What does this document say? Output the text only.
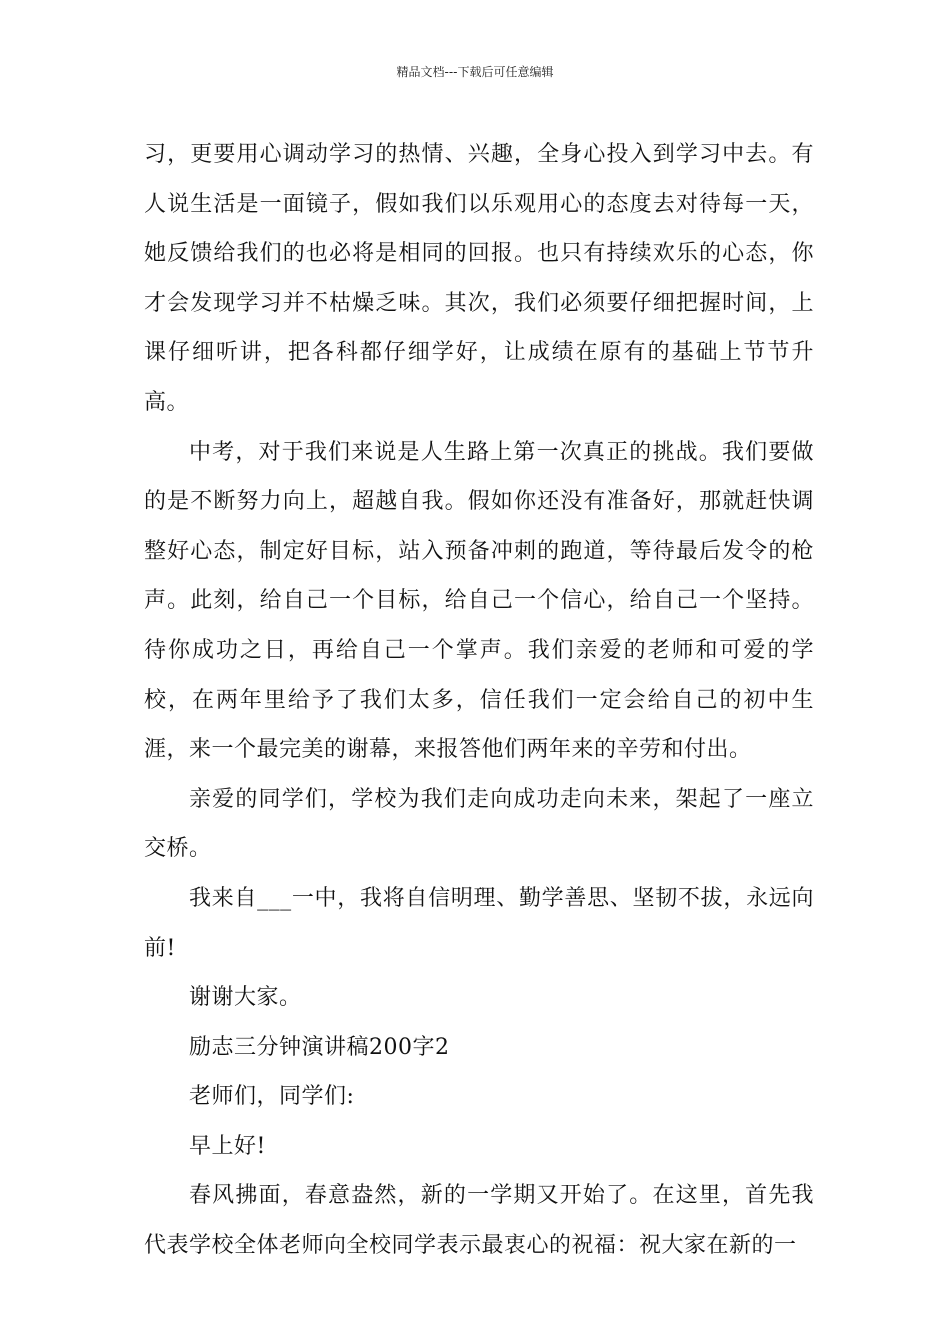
精品文档---下载后可任意编辑

习，更要用心调动学习的热情、兴趣，全身心投入到学习中去。有人说生活是一面镜子，假如我们以乐观用心的态度去对待每一天，她反馈给我们的也必将是相同的回报。也只有持续欢乐的心态，你才会发现学习并不枯燥乏味。其次，我们必须要仔细把握时间，上课仔细听讲，把各科都仔细学好，让成绩在原有的基础上节节升高。

中考，对于我们来说是人生路上第一次真正的挑战。我们要做的是不断努力向上，超越自我。假如你还没有准备好，那就赶快调整好心态，制定好目标，站入预备冲刺的跑道，等待最后发令的枪声。此刻，给自己一个目标，给自己一个信心，给自己一个坚持。待你成功之日，再给自己一个掌声。我们亲爱的老师和可爱的学校，在两年里给予了我们太多，信任我们一定会给自己的初中生涯，来一个最完美的谢幕，来报答他们两年来的辛劳和付出。

亲爱的同学们，学校为我们走向成功走向未来，架起了一座立交桥。

我来自___一中，我将自信明理、勤学善思、坚韧不拔，永远向前!

谢谢大家。

励志三分钟演讲稿200字2

老师们，同学们:

早上好!

春风拂面，春意盎然，新的一学期又开始了。在这里，首先我代表学校全体老师向全校同学表示最衷心的祝福：祝大家在新的一
